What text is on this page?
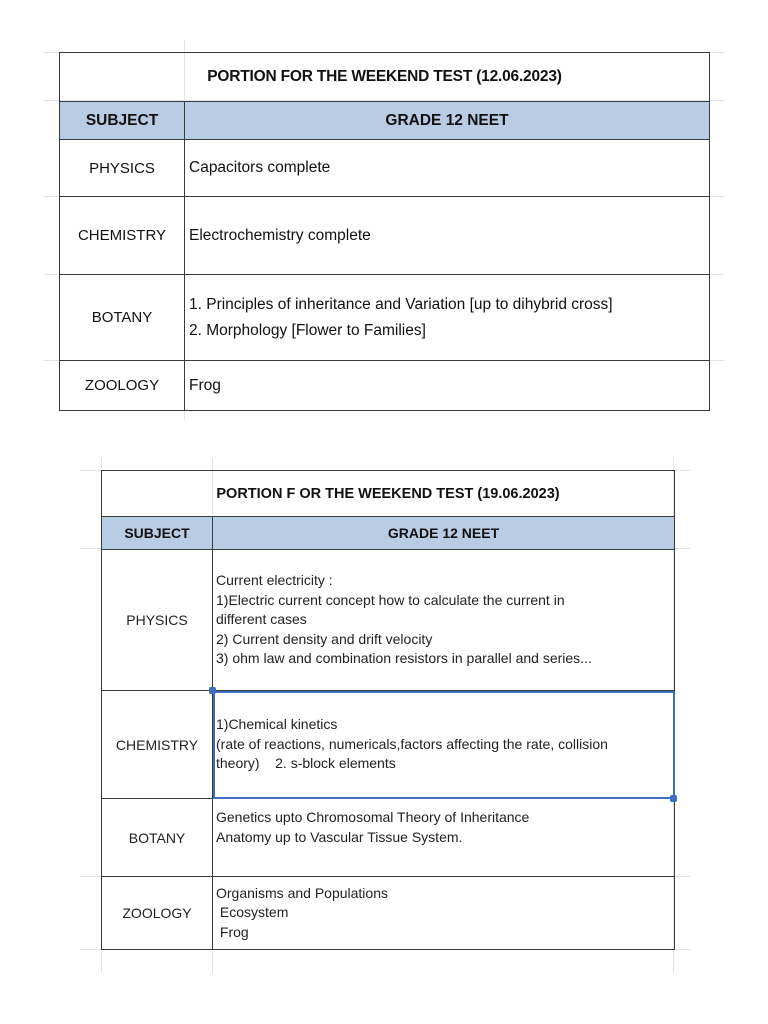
PORTION FOR THE WEEKEND TEST (12.06.2023)	
SUBJECT	GRADE 12 NEET
PHYSICS	Capacitors complete

CHEMISTRY	Electrochemistry complete

BOTANY	1. Principles of inheritance and Variation [up to dihybrid cross]
2. Morphology [Flower to Families]

ZOOLOGY	Frog
PORTION F OR THE WEEKEND TEST (19.06.2023)	
SUBJECT	GRADE 12 NEET
PHYSICS	Current electricity :
1)Electric current concept how to calculate the current in
different cases
2) Current density and drift velocity
3) ohm law and combination resistors in parallel and series...

CHEMISTRY	1)Chemical kinetics
(rate of reactions, numericals,factors affecting the rate, collision
theory)    2. s-block elements

BOTANY	Genetics upto Chromosomal Theory of Inheritance
Anatomy up to Vascular Tissue System.

ZOOLOGY	Organisms and Populations
Ecosystem
Frog
